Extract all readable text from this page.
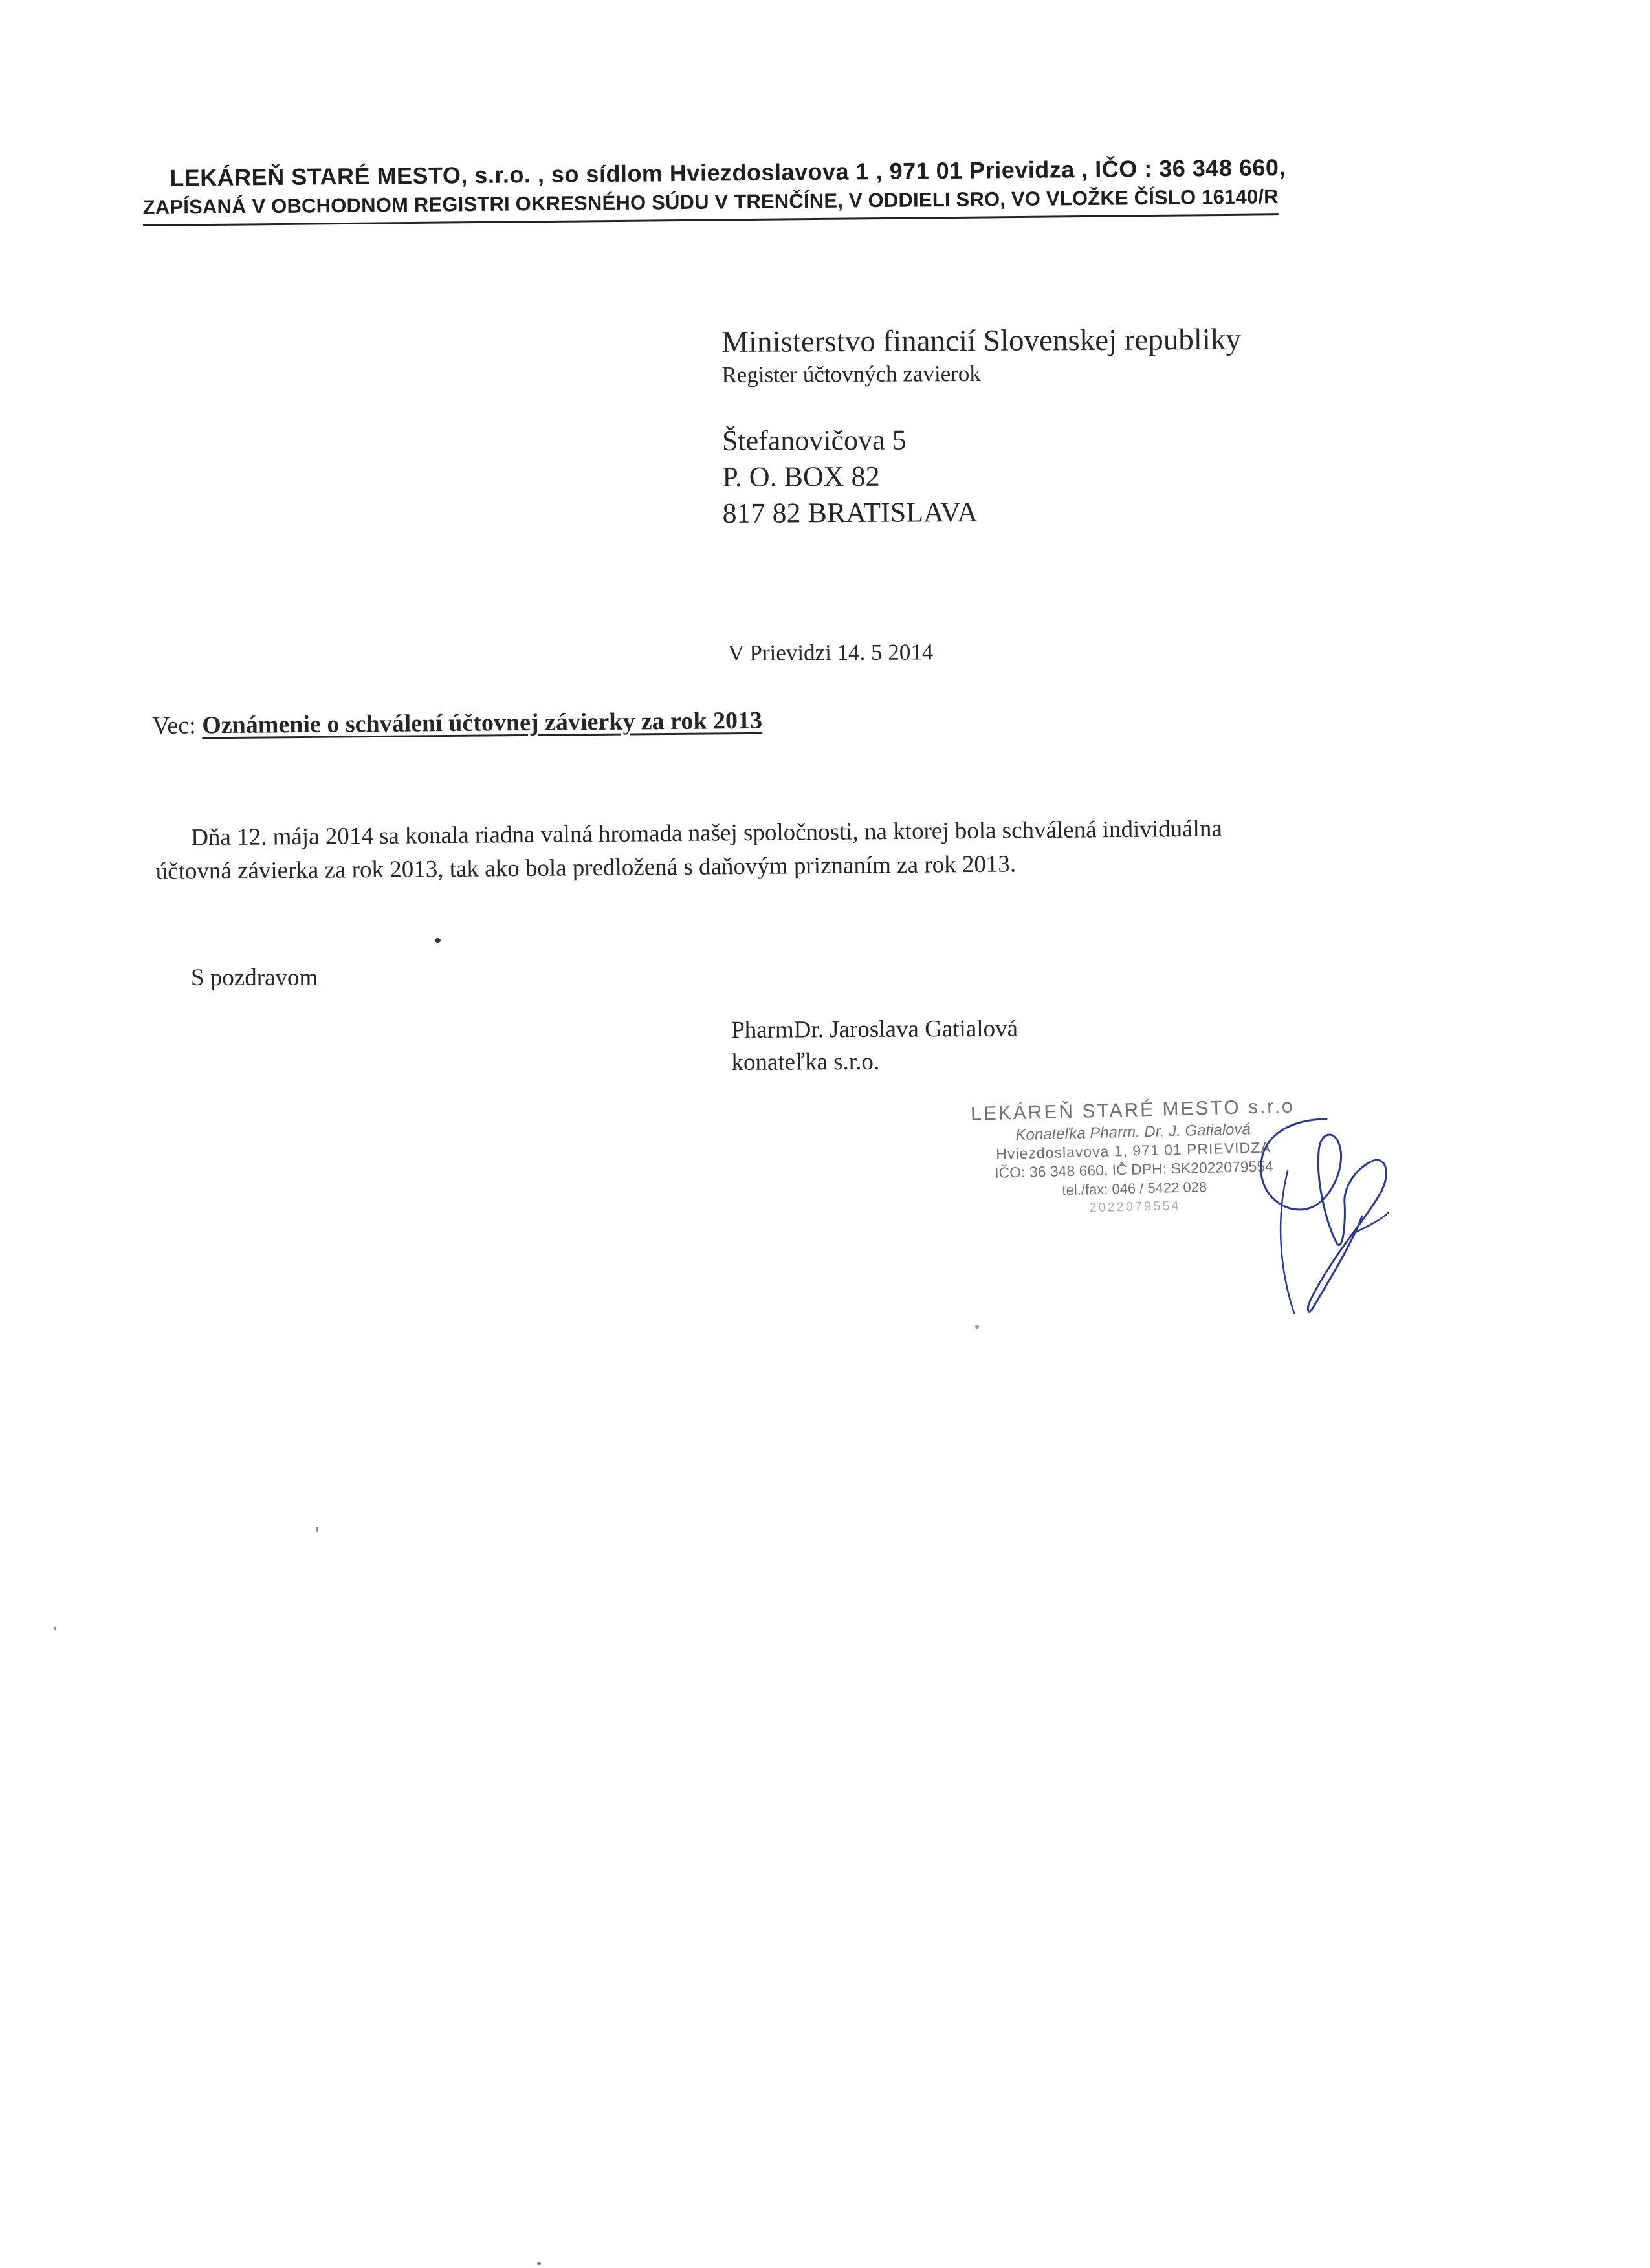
LEKÁREŇ STARÉ MESTO, s.r.o. , so sídlom Hviezdoslavova 1 , 971 01 Prievidza , IČO : 36 348 660,
ZAPÍSANÁ V OBCHODNOM REGISTRI OKRESNÉHO SÚDU V TRENČÍNE, V ODDIELI SRO, VO VLOŽKE ČÍSLO 16140/R
Ministerstvo financií Slovenskej republiky
Register účtovných zavierok
Štefanovičova 5
P. O. BOX 82
817 82 BRATISLAVA
V Prievidzi 14. 5 2014
Vec: Oznámenie o schválení účtovnej závierky za rok 2013
Dňa 12. mája 2014 sa konala riadna valná hromada našej spoločnosti, na ktorej bola schválená individuálna
účtovná závierka za rok 2013, tak ako bola predložená s daňovým priznaním za rok 2013.
S pozdravom
PharmDr. Jaroslava Gatialová
konateľka s.r.o.
LEKÁREŇ STARÉ MESTO s.r.o
Konateľka Pharm. Dr. J. Gatialová
Hviezdoslavova 1, 971 01 PRIEVIDZA
IČO: 36 348 660, IČ DPH: SK2022079554
tel./fax: 046 / 5422 028
2022079554
